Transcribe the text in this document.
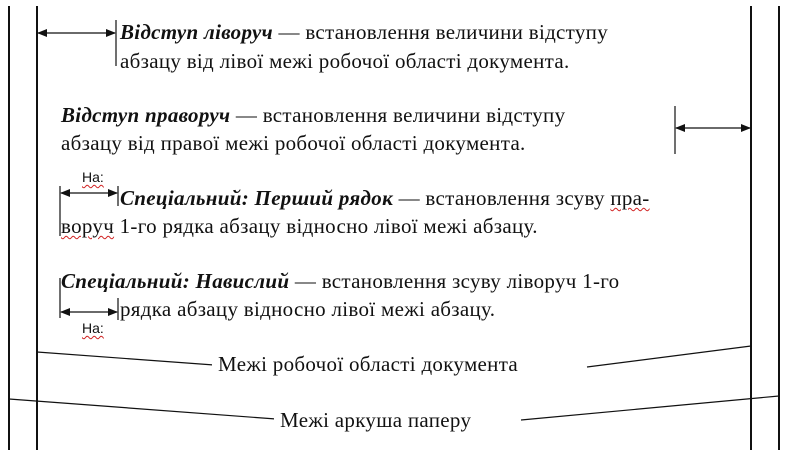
Відступ ліворуч — встановлення величини відступу
абзацу від лівої межі робочої області документа.
Відступ праворуч — встановлення величини відступу
абзацу від правої межі робочої області документа.
На:
Спеціальний: Перший рядок — встановлення зсуву пра-
воруч 1-го рядка абзацу відносно лівої межі абзацу.
Спеціальний: Навислий — встановлення зсуву ліворуч 1-го
рядка абзацу відносно лівої межі абзацу.
На:
Межі робочої області документа
Межі аркуша паперу
